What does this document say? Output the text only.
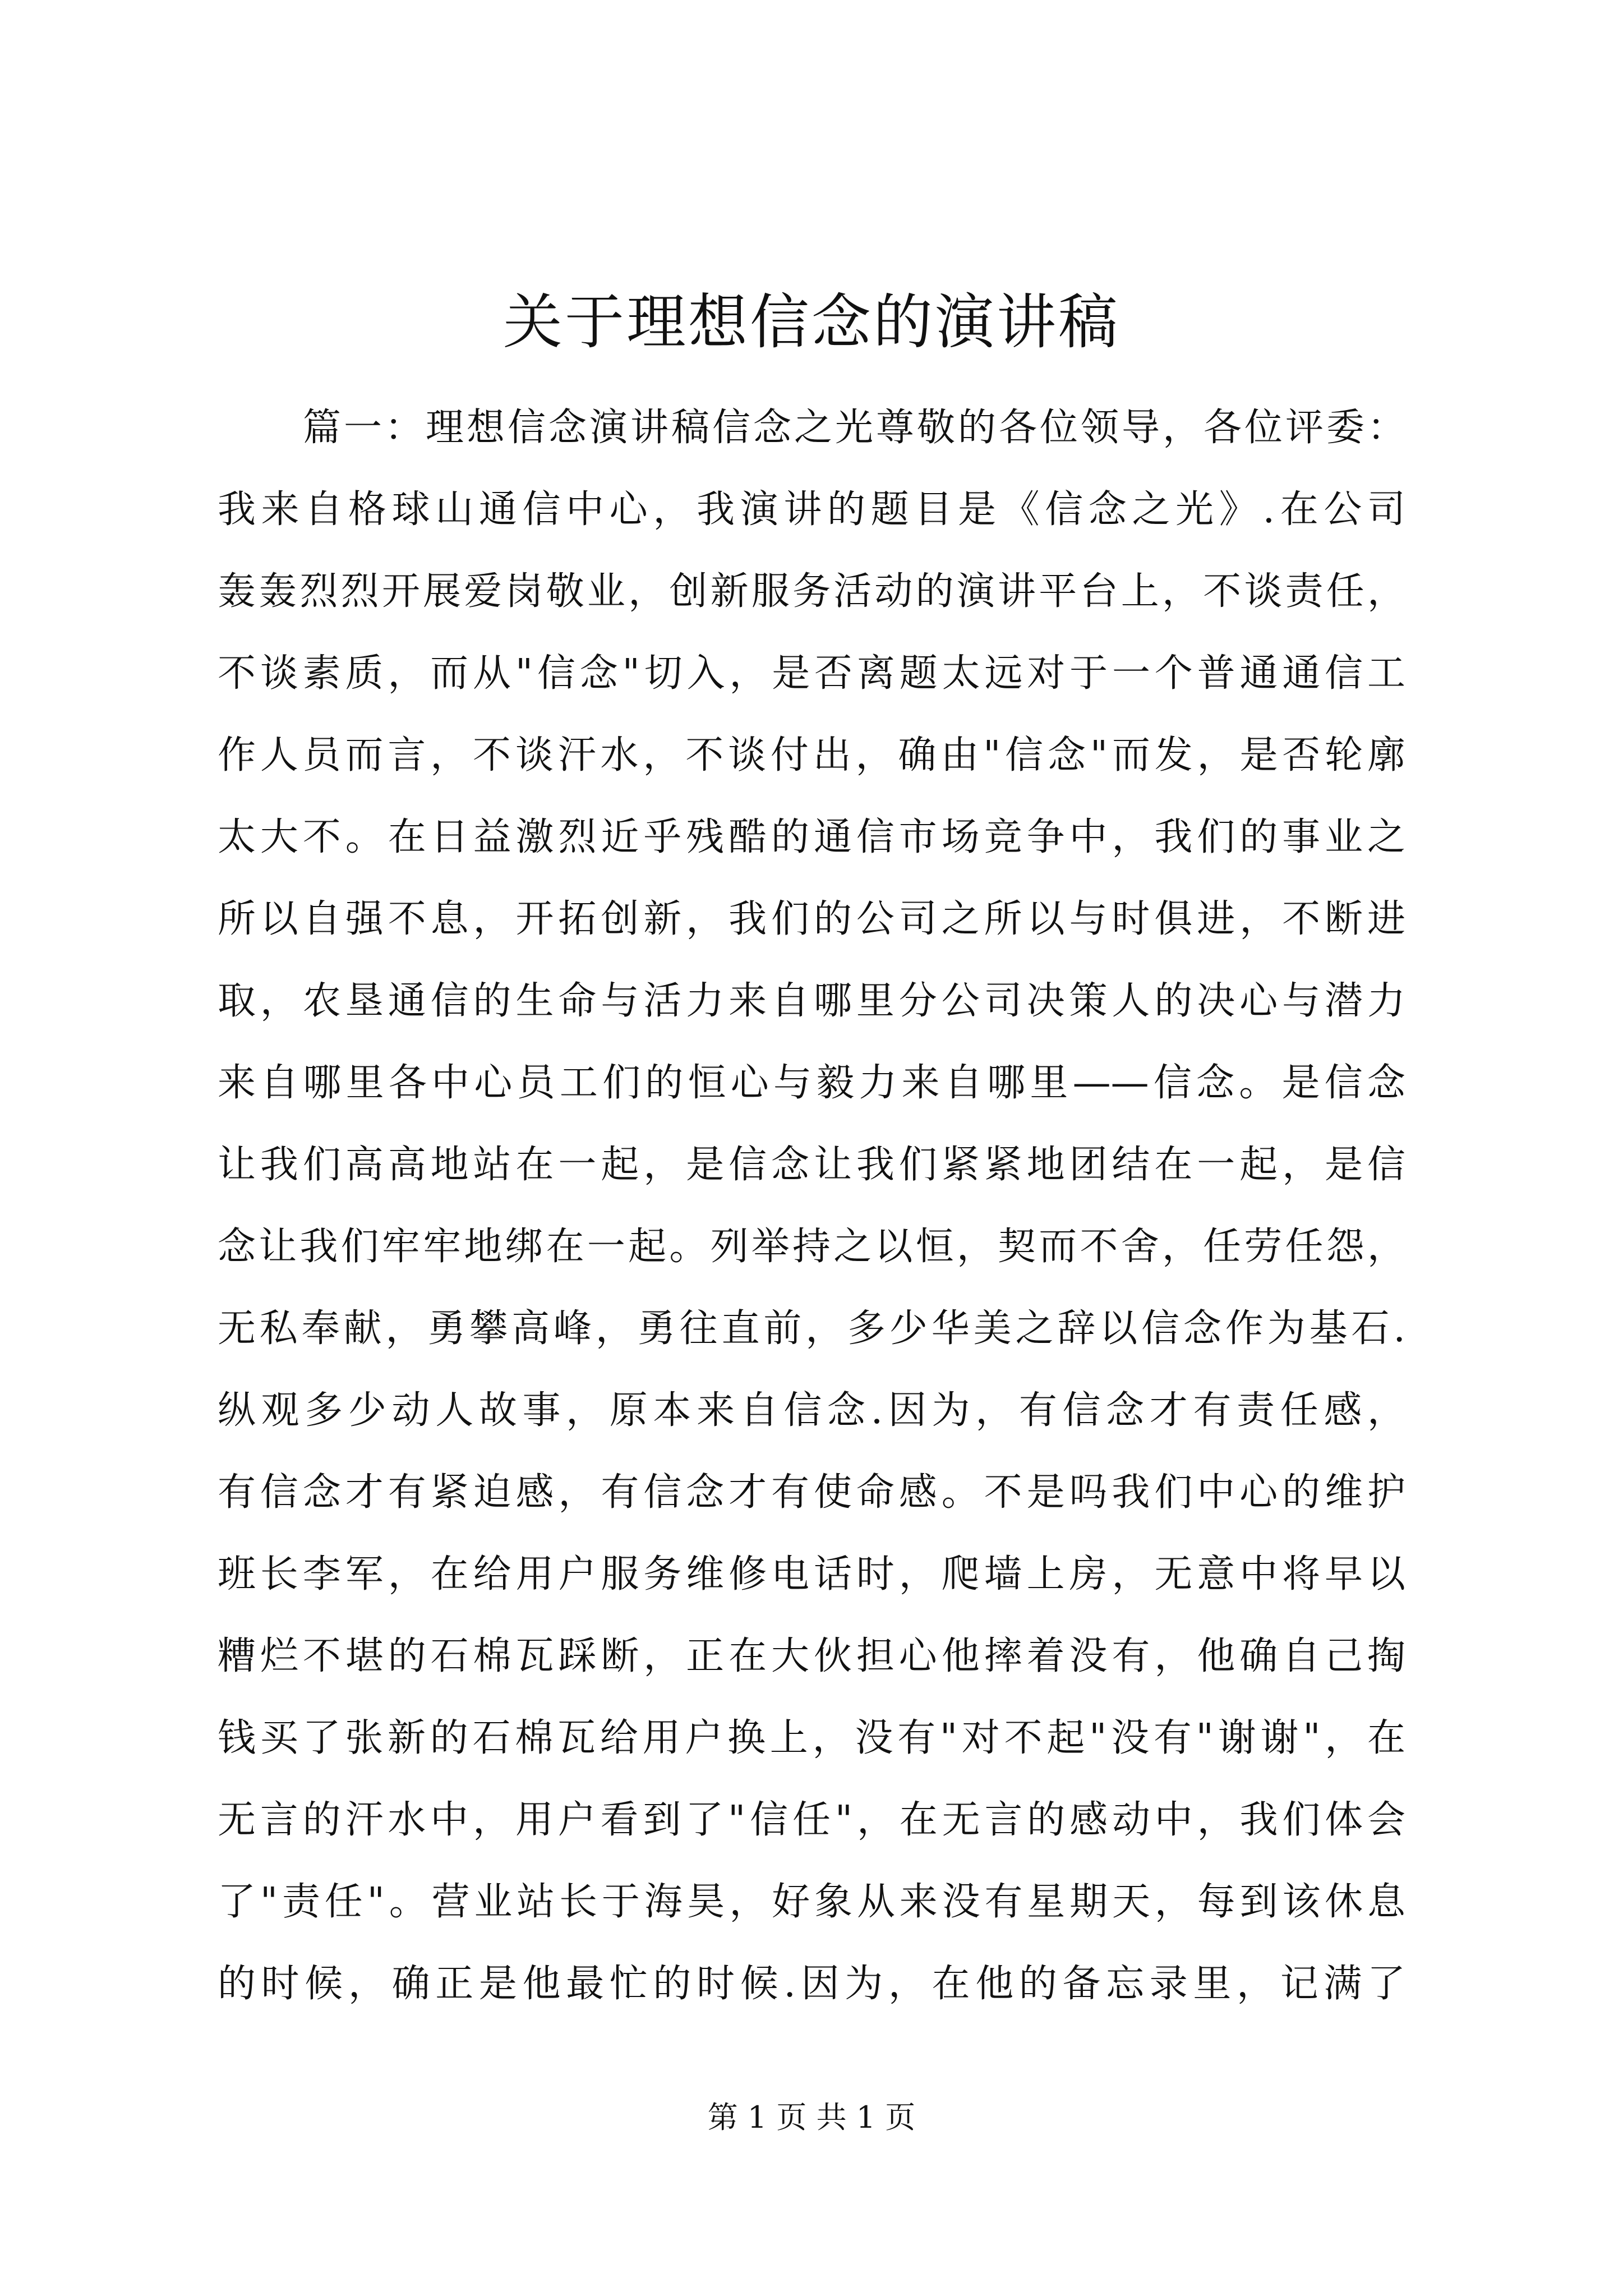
关于理想信念的演讲稿
篇一：理想信念演讲稿信念之光尊敬的各位领导，各位评委：
我来自格球山通信中心，我演讲的题目是《信念之光》.在公司
轰轰烈烈开展爱岗敬业，创新服务活动的演讲平台上，不谈责任，
不谈素质，而从"信念"切入，是否离题太远对于一个普通通信工
作人员而言，不谈汗水，不谈付出，确由"信念"而发，是否轮廓
太大不。在日益激烈近乎残酷的通信市场竞争中，我们的事业之
所以自强不息，开拓创新，我们的公司之所以与时俱进，不断进
取，农垦通信的生命与活力来自哪里分公司决策人的决心与潜力
来自哪里各中心员工们的恒心与毅力来自哪里——信念。是信念
让我们高高地站在一起，是信念让我们紧紧地团结在一起，是信
念让我们牢牢地绑在一起。列举持之以恒，契而不舍，任劳任怨，
无私奉献，勇攀高峰，勇往直前，多少华美之辞以信念作为基石.
纵观多少动人故事，原本来自信念.因为，有信念才有责任感，
有信念才有紧迫感，有信念才有使命感。不是吗我们中心的维护
班长李军，在给用户服务维修电话时，爬墙上房，无意中将早以
糟烂不堪的石棉瓦踩断，正在大伙担心他摔着没有，他确自己掏
钱买了张新的石棉瓦给用户换上，没有"对不起"没有"谢谢"，在
无言的汗水中，用户看到了"信任"，在无言的感动中，我们体会
了"责任"。营业站长于海昊，好象从来没有星期天，每到该休息
的时候，确正是他最忙的时候.因为，在他的备忘录里，记满了
第 1 页 共 1 页
